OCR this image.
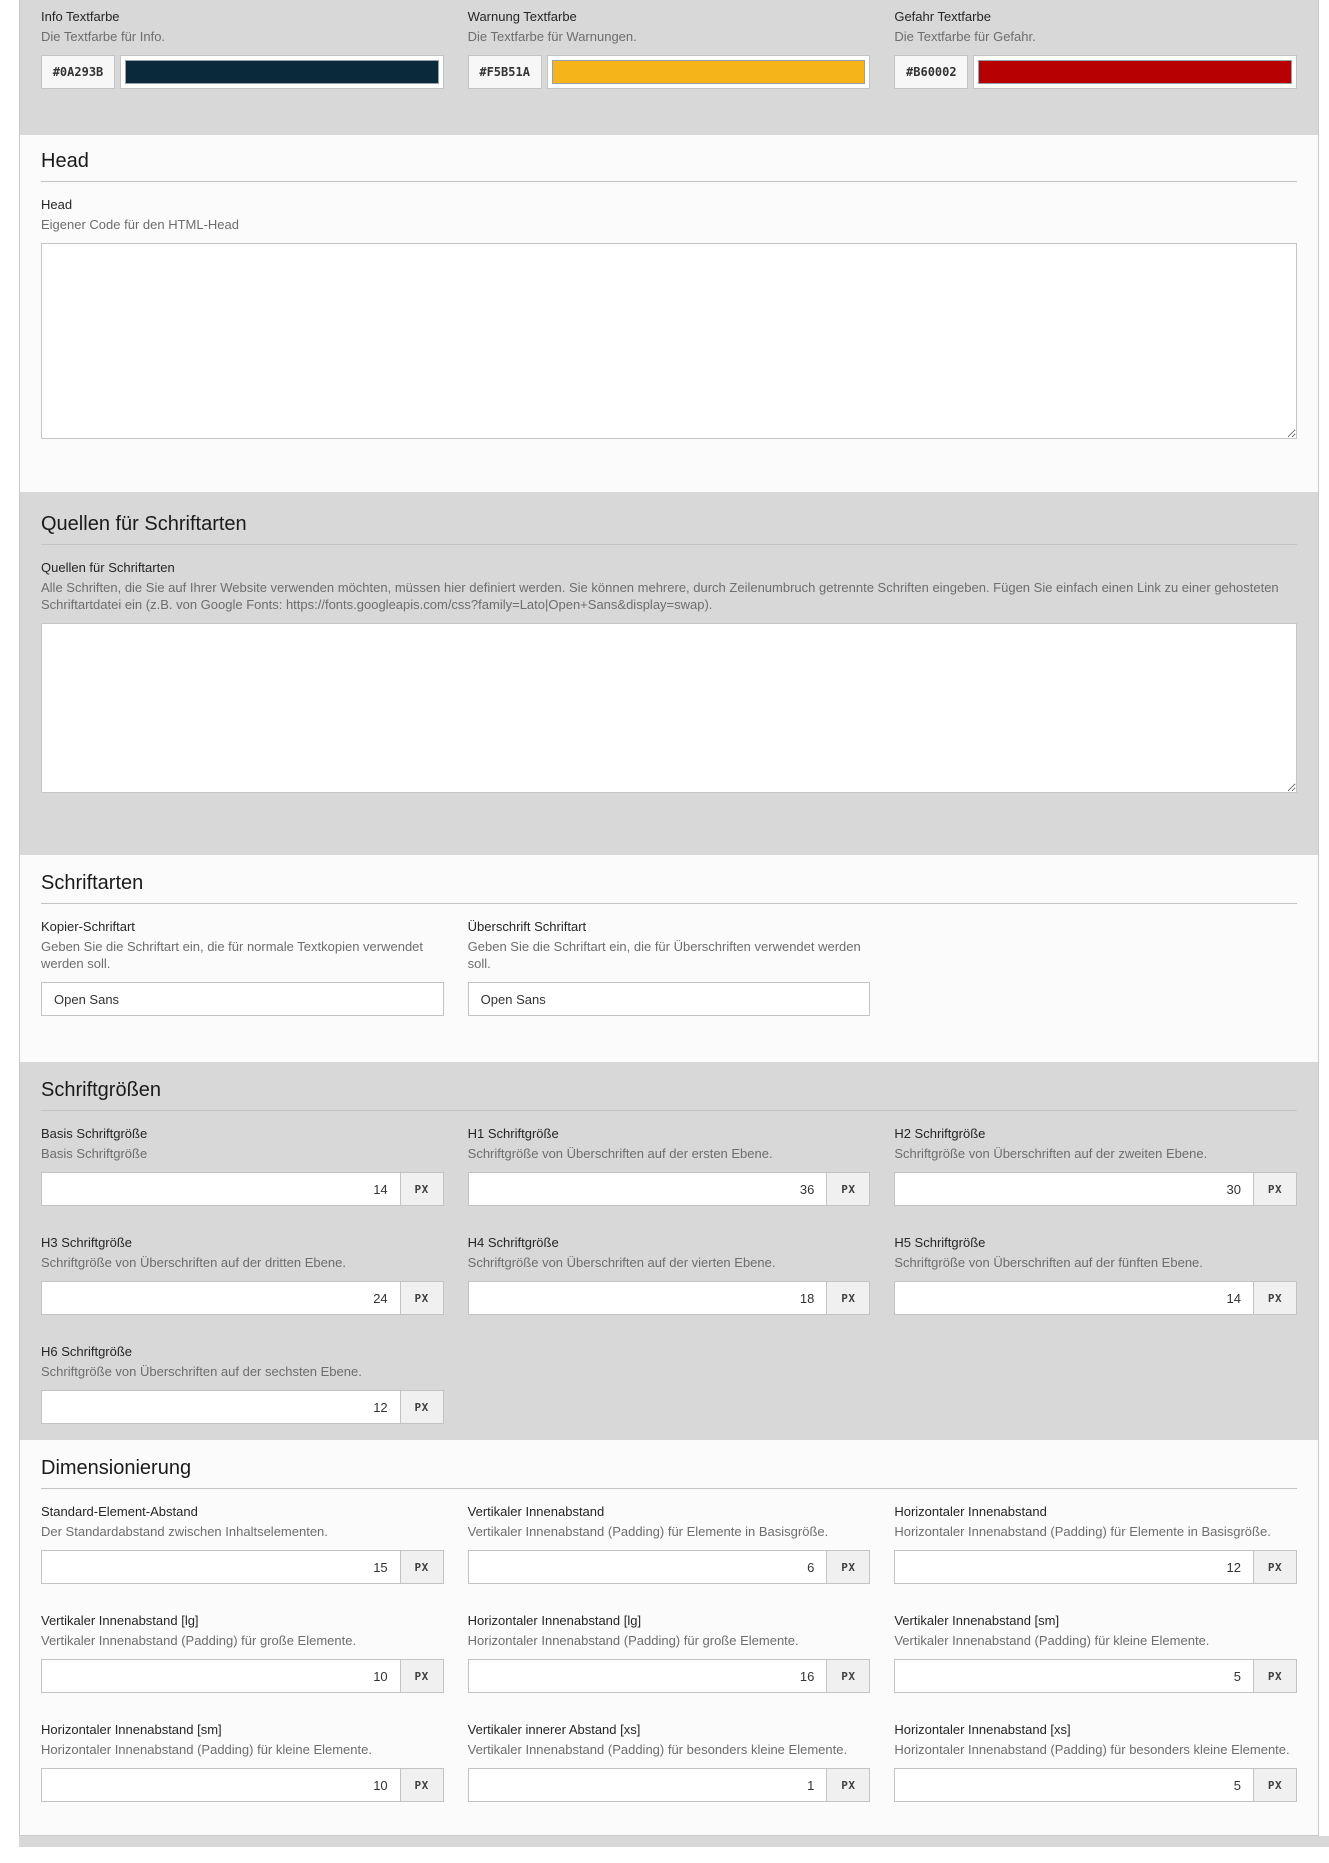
Info Textfarbe
Die Textfarbe für Info.
#0A293B
Warnung Textfarbe
Die Textfarbe für Warnungen.
#F5B51A
Gefahr Textfarbe
Die Textfarbe für Gefahr.
#B60002
Head
Head
Eigener Code für den HTML-Head
Quellen für Schriftarten
Quellen für Schriftarten
Alle Schriften, die Sie auf Ihrer Website verwenden möchten, müssen hier definiert werden. Sie können mehrere, durch Zeilenumbruch getrennte Schriften eingeben. Fügen Sie einfach einen Link zu einer gehosteten Schriftartdatei ein (z.B. von Google Fonts: https://fonts.googleapis.com/css?family=Lato|Open+Sans&display=swap).
Schriftarten
Kopier-Schriftart
Geben Sie die Schriftart ein, die für normale Textkopien verwendet werden soll.
Open Sans
Überschrift Schriftart
Geben Sie die Schriftart ein, die für Überschriften verwendet werden soll.
Open Sans
Schriftgrößen
Basis Schriftgröße
Basis Schriftgröße
14
PX
H1 Schriftgröße
Schriftgröße von Überschriften auf der ersten Ebene.
36
PX
H2 Schriftgröße
Schriftgröße von Überschriften auf der zweiten Ebene.
30
PX
H3 Schriftgröße
Schriftgröße von Überschriften auf der dritten Ebene.
24
PX
H4 Schriftgröße
Schriftgröße von Überschriften auf der vierten Ebene.
18
PX
H5 Schriftgröße
Schriftgröße von Überschriften auf der fünften Ebene.
14
PX
H6 Schriftgröße
Schriftgröße von Überschriften auf der sechsten Ebene.
12
PX
Dimensionierung
Standard-Element-Abstand
Der Standardabstand zwischen Inhaltselementen.
15
PX
Vertikaler Innenabstand
Vertikaler Innenabstand (Padding) für Elemente in Basisgröße.
6
PX
Horizontaler Innenabstand
Horizontaler Innenabstand (Padding) für Elemente in Basisgröße.
12
PX
Vertikaler Innenabstand [lg]
Vertikaler Innenabstand (Padding) für große Elemente.
10
PX
Horizontaler Innenabstand [lg]
Horizontaler Innenabstand (Padding) für große Elemente.
16
PX
Vertikaler Innenabstand [sm]
Vertikaler Innenabstand (Padding) für kleine Elemente.
5
PX
Horizontaler Innenabstand [sm]
Horizontaler Innenabstand (Padding) für kleine Elemente.
10
PX
Vertikaler innerer Abstand [xs]
Vertikaler Innenabstand (Padding) für besonders kleine Elemente.
1
PX
Horizontaler Innenabstand [xs]
Horizontaler Innenabstand (Padding) für besonders kleine Elemente.
5
PX
